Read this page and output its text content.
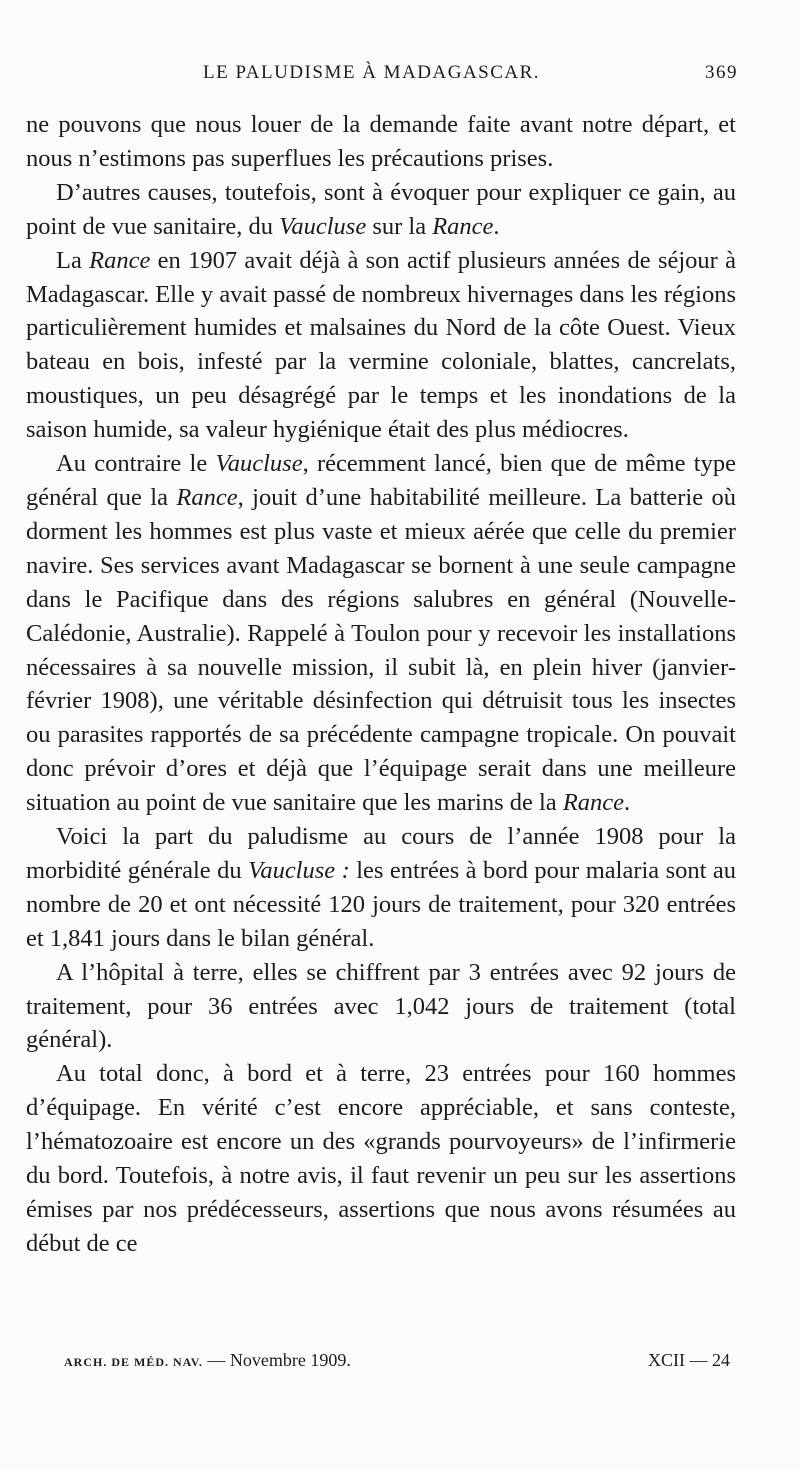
LE PALUDISME À MADAGASCAR.	369

ne pouvons que nous louer de la demande faite avant notre départ, et nous n’estimons pas superflues les précautions prises.

D’autres causes, toutefois, sont à évoquer pour expliquer ce gain, au point de vue sanitaire, du Vaucluse sur la Rance.

La Rance en 1907 avait déjà à son actif plusieurs années de séjour à Madagascar. Elle y avait passé de nombreux hivernages dans les régions particulièrement humides et malsaines du Nord de la côte Ouest. Vieux bateau en bois, infesté par la vermine coloniale, blattes, cancrelats, moustiques, un peu désagrégé par le temps et les inondations de la saison humide, sa valeur hygiénique était des plus médiocres.

Au contraire le Vaucluse, récemment lancé, bien que de même type général que la Rance, jouit d’une habitabilité meilleure. La batterie où dorment les hommes est plus vaste et mieux aérée que celle du premier navire. Ses services avant Madagascar se bornent à une seule campagne dans le Pacifique dans des régions salubres en général (Nouvelle-Calédonie, Australie). Rappelé à Toulon pour y recevoir les installations nécessaires à sa nouvelle mission, il subit là, en plein hiver (janvier-février 1908), une véritable désinfection qui détruisit tous les insectes ou parasites rapportés de sa précédente campagne tropicale. On pouvait donc prévoir d’ores et déjà que l’équipage serait dans une meilleure situation au point de vue sanitaire que les marins de la Rance.

Voici la part du paludisme au cours de l’année 1908 pour la morbidité générale du Vaucluse : les entrées à bord pour malaria sont au nombre de 20 et ont nécessité 120 jours de traitement, pour 320 entrées et 1,841 jours dans le bilan général.

A l’hôpital à terre, elles se chiffrent par 3 entrées avec 92 jours de traitement, pour 36 entrées avec 1,042 jours de traitement (total général).

Au total donc, à bord et à terre, 23 entrées pour 160 hommes d’équipage. En vérité c’est encore appréciable, et sans conteste, l’hématozoaire est encore un des «grands pourvoyeurs» de l’infirmerie du bord. Toutefois, à notre avis, il faut revenir un peu sur les assertions émises par nos prédécesseurs, assertions que nous avons résumées au début de ce

ARCH. DE MÉD. NAV. — Novembre 1909.	XCII — 24
